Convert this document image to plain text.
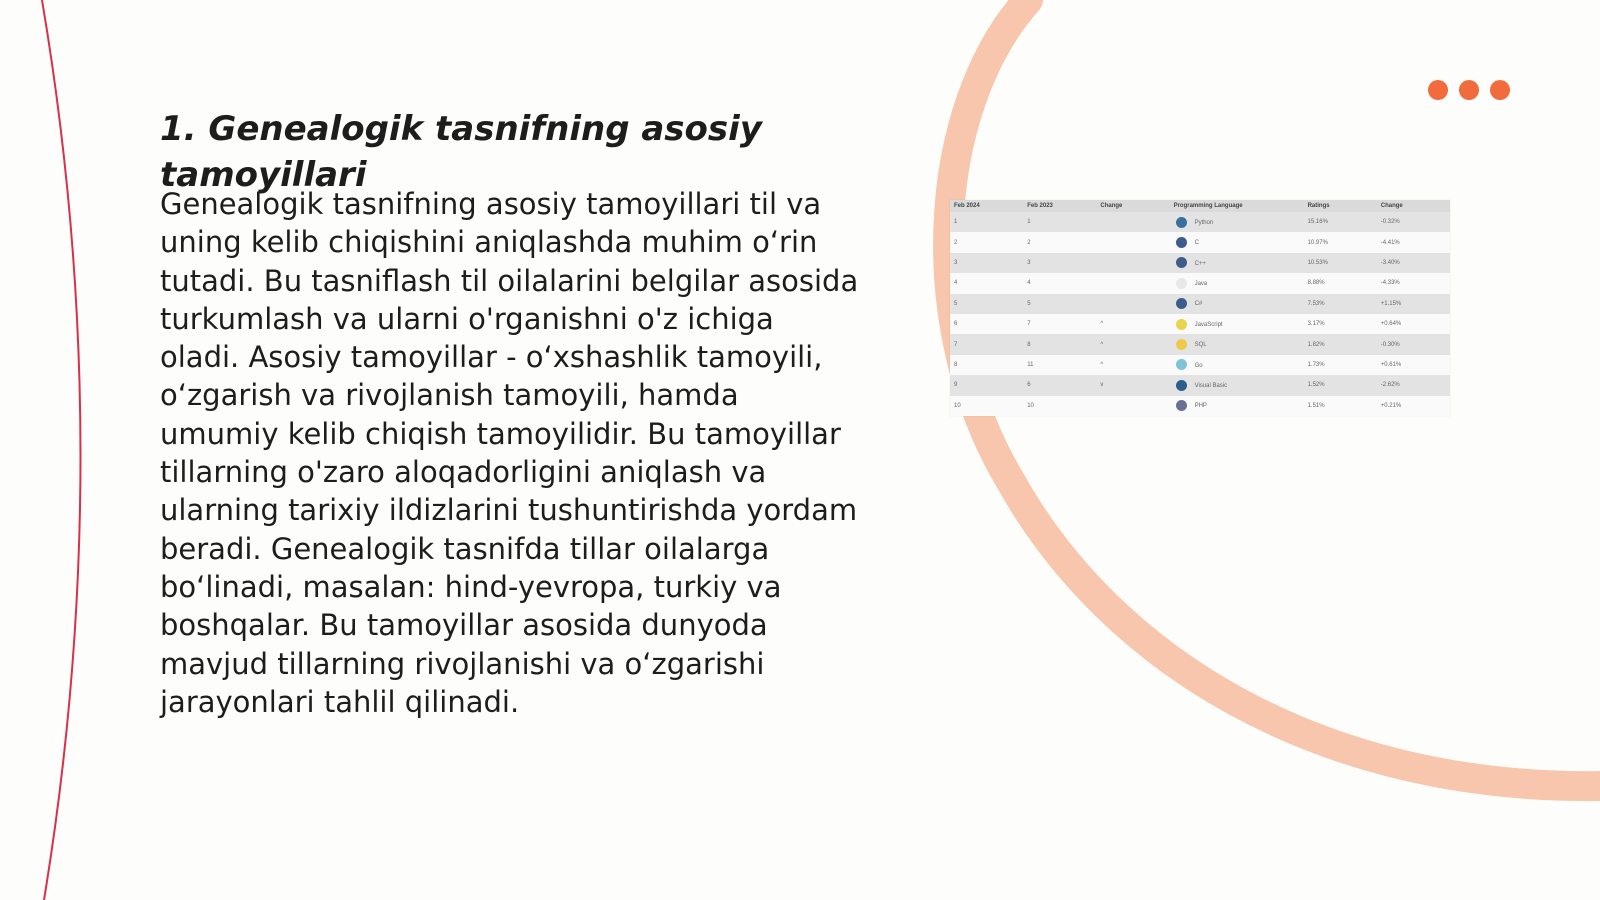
1. Genealogik tasnifning asosiy tamoyillari

Genealogik tasnifning asosiy tamoyillari til va uning kelib chiqishini aniqlashda muhim o‘rin tutadi. Bu tasniflash til oilalarini belgilar asosida turkumlash va ularni o'rganishni o'z ichiga oladi. Asosiy tamoyillar - o‘xshashlik tamoyili, o‘zgarish va rivojlanish tamoyili, hamda umumiy kelib chiqish tamoyilidir. Bu tamoyillar tillarning o'zaro aloqadorligini aniqlash va ularning tarixiy ildizlarini tushuntirishda yordam beradi. Genealogik tasnifda tillar oilalarga bo‘linadi, masalan: hind-yevropa, turkiy va boshqalar. Bu tamoyillar asosida dunyoda mavjud tillarning rivojlanishi va o‘zgarishi jarayonlari tahlil qilinadi.

Feb 2024	Feb 2023	Change	Programming Language	Ratings	Change
1	1		Python	15.16%	-0.32%
2	2		C	10.97%	-4.41%
3	3		C++	10.53%	-3.40%
4	4		Java	8.88%	-4.33%
5	5		C#	7.53%	+1.15%
6	7	^	JavaScript	3.17%	+0.64%
7	8	^	SQL	1.82%	-0.30%
8	11	^	Go	1.73%	+0.61%
9	6	v	Visual Basic	1.52%	-2.62%
10	10		PHP	1.51%	+0.21%
